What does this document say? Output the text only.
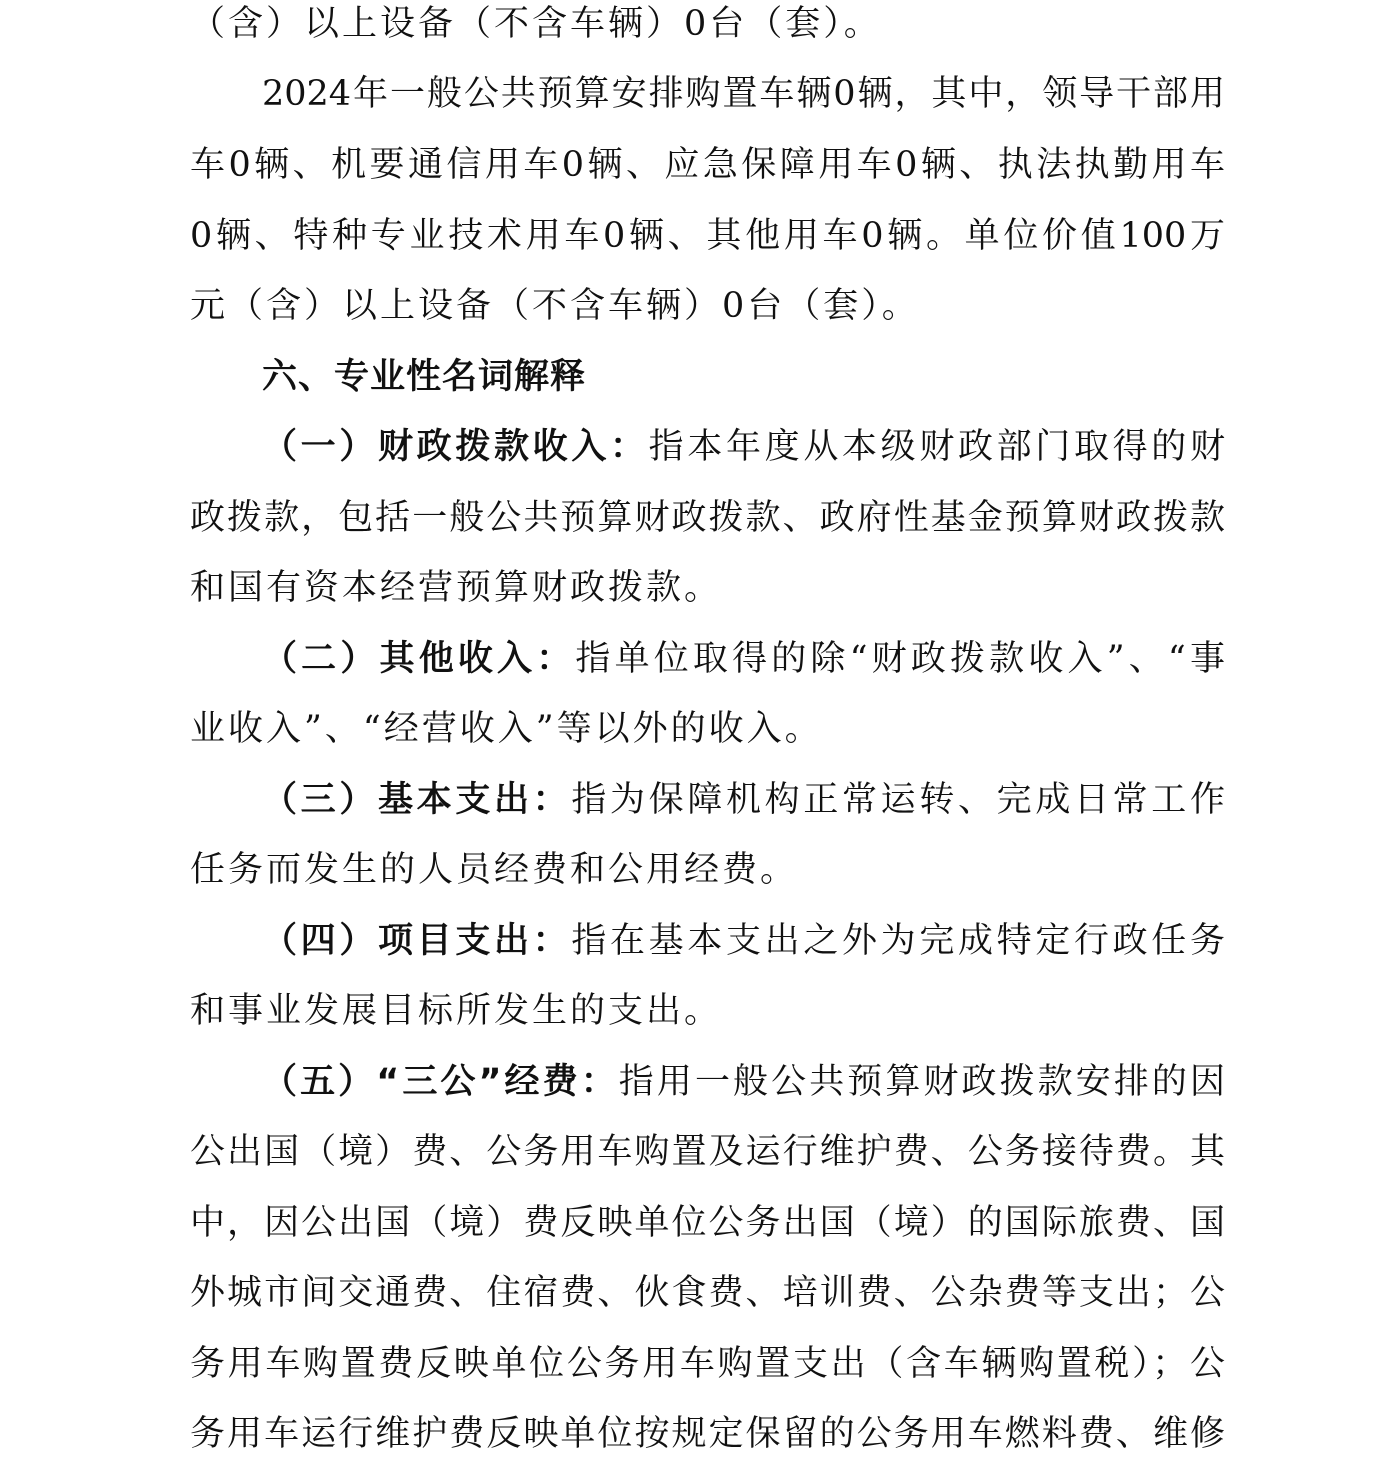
（含）以上设备（不含车辆）0台（套）。
2024年一般公共预算安排购置车辆0辆，其中，领导干部用
车0辆、机要通信用车0辆、应急保障用车0辆、执法执勤用车
0辆、特种专业技术用车0辆、其他用车0辆。单位价值100万
元（含）以上设备（不含车辆）0台（套）。
六、专业性名词解释
（一）财政拨款收入：指本年度从本级财政部门取得的财
政拨款，包括一般公共预算财政拨款、政府性基金预算财政拨款
和国有资本经营预算财政拨款。
（二）其他收入：指单位取得的除“财政拨款收入”、“事
业收入”、“经营收入”等以外的收入。
（三）基本支出：指为保障机构正常运转、完成日常工作
任务而发生的人员经费和公用经费。
（四）项目支出：指在基本支出之外为完成特定行政任务
和事业发展目标所发生的支出。
（五）“三公”经费：指用一般公共预算财政拨款安排的因
公出国（境）费、公务用车购置及运行维护费、公务接待费。其
中，因公出国（境）费反映单位公务出国（境）的国际旅费、国
外城市间交通费、住宿费、伙食费、培训费、公杂费等支出；公
务用车购置费反映单位公务用车购置支出（含车辆购置税）；公
务用车运行维护费反映单位按规定保留的公务用车燃料费、维修
